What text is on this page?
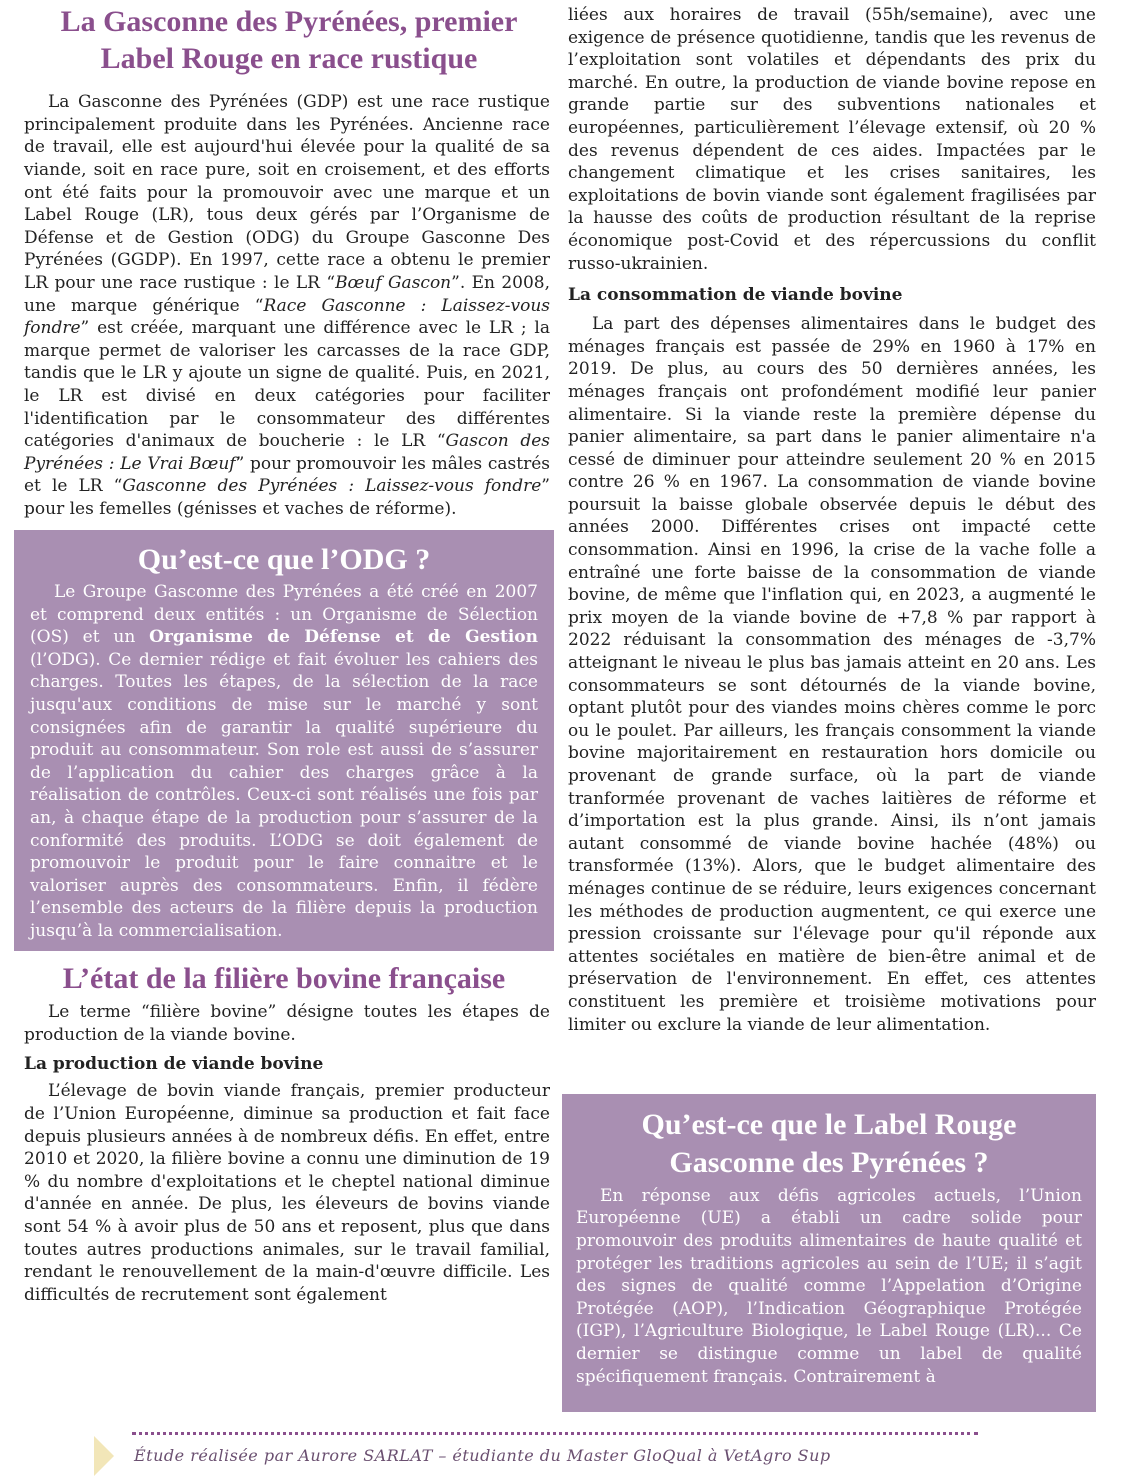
La Gasconne des Pyrénées, premier Label Rouge en race rustique

La Gasconne des Pyrénées (GDP) est une race rustique principalement produite dans les Pyrénées. Ancienne race de travail, elle est aujourd'hui élevée pour la qualité de sa viande, soit en race pure, soit en croisement, et des efforts ont été faits pour la promouvoir avec une marque et un Label Rouge (LR), tous deux gérés par l’Organisme de Défense et de Gestion (ODG) du Groupe Gasconne Des Pyrénées (GGDP). En 1997, cette race a obtenu le premier LR pour une race rustique : le LR “Bœuf Gascon”. En 2008, une marque générique “Race Gasconne : Laissez-vous fondre” est créée, marquant une différence avec le LR ; la marque permet de valoriser les carcasses de la race GDP, tandis que le LR y ajoute un signe de qualité. Puis, en 2021, le LR est divisé en deux catégories pour faciliter l'identification par le consommateur des différentes catégories d'animaux de boucherie : le LR “Gascon des Pyrénées : Le Vrai Bœuf” pour promouvoir les mâles castrés et le LR “Gasconne des Pyrénées : Laissez-vous fondre” pour les femelles (génisses et vaches de réforme).

Qu’est-ce que l’ODG ?

Le Groupe Gasconne des Pyrénées a été créé en 2007 et comprend deux entités : un Organisme de Sélection (OS) et un Organisme de Défense et de Gestion (l’ODG). Ce dernier rédige et fait évoluer les cahiers des charges. Toutes les étapes, de la sélection de la race jusqu'aux conditions de mise sur le marché y sont consignées afin de garantir la qualité supérieure du produit au consommateur. Son role est aussi de s’assurer de l’application du cahier des charges grâce à la réalisation de contrôles. Ceux-ci sont réalisés une fois par an, à chaque étape de la production pour s’assurer de la conformité des produits. L’ODG se doit également de promouvoir le produit pour le faire connaitre et le valoriser auprès des consommateurs. Enfin, il fédère l’ensemble des acteurs de la filière depuis la production jusqu’à la commercialisation.

L’état de la filière bovine française

Le terme “filière bovine” désigne toutes les étapes de production de la viande bovine.

La production de viande bovine

L’élevage de bovin viande français, premier producteur de l’Union Européenne, diminue sa production et fait face depuis plusieurs années à de nombreux défis. En effet, entre 2010 et 2020, la filière bovine a connu une diminution de 19 % du nombre d'exploitations et le cheptel national diminue d'année en année. De plus, les éleveurs de bovins viande sont 54 % à avoir plus de 50 ans et reposent, plus que dans toutes autres productions animales, sur le travail familial, rendant le renouvellement de la main-d'œuvre difficile. Les difficultés de recrutement sont également

liées aux horaires de travail (55h/semaine), avec une exigence de présence quotidienne, tandis que les revenus de l’exploitation sont volatiles et dépendants des prix du marché. En outre, la production de viande bovine repose en grande partie sur des subventions nationales et européennes, particulièrement l’élevage extensif, où 20 % des revenus dépendent de ces aides. Impactées par le changement climatique et les crises sanitaires, les exploitations de bovin viande sont également fragilisées par la hausse des coûts de production résultant de la reprise économique post-Covid et des répercussions du conflit russo-ukrainien.

La consommation de viande bovine

La part des dépenses alimentaires dans le budget des ménages français est passée de 29% en 1960 à 17% en 2019. De plus, au cours des 50 dernières années, les ménages français ont profondément modifié leur panier alimentaire. Si la viande reste la première dépense du panier alimentaire, sa part dans le panier alimentaire n'a cessé de diminuer pour atteindre seulement 20 % en 2015 contre 26 % en 1967. La consommation de viande bovine poursuit la baisse globale observée depuis le début des années 2000. Différentes crises ont impacté cette consommation. Ainsi en 1996, la crise de la vache folle a entraîné une forte baisse de la consommation de viande bovine, de même que l'inflation qui, en 2023, a augmenté le prix moyen de la viande bovine de +7,8 % par rapport à 2022 réduisant la consommation des ménages de -3,7% atteignant le niveau le plus bas jamais atteint en 20 ans. Les consommateurs se sont détournés de la viande bovine, optant plutôt pour des viandes moins chères comme le porc ou le poulet. Par ailleurs, les français consomment la viande bovine majoritairement en restauration hors domicile ou provenant de grande surface, où la part de viande tranformée provenant de vaches laitières de réforme et d’importation est la plus grande. Ainsi, ils n’ont jamais autant consommé de viande bovine hachée (48%) ou transformée (13%). Alors, que le budget alimentaire des ménages continue de se réduire, leurs exigences concernant les méthodes de production augmentent, ce qui exerce une pression croissante sur l'élevage pour qu'il réponde aux attentes sociétales en matière de bien-être animal et de préservation de l'environnement. En effet, ces attentes constituent les première et troisième motivations pour limiter ou exclure la viande de leur alimentation.

Qu’est-ce que le Label Rouge Gasconne des Pyrénées ?

En réponse aux défis agricoles actuels, l’Union Européenne (UE) a établi un cadre solide pour promouvoir des produits alimentaires de haute qualité et protéger les traditions agricoles au sein de l’UE; il s’agit des signes de qualité comme l’Appelation d’Origine Protégée (AOP), l’Indication Géographique Protégée (IGP), l’Agriculture Biologique, le Label Rouge (LR)... Ce dernier se distingue comme un label de qualité spécifiquement français. Contrairement à

Étude réalisée par Aurore SARLAT – étudiante du Master GloQual à VetAgro Sup
